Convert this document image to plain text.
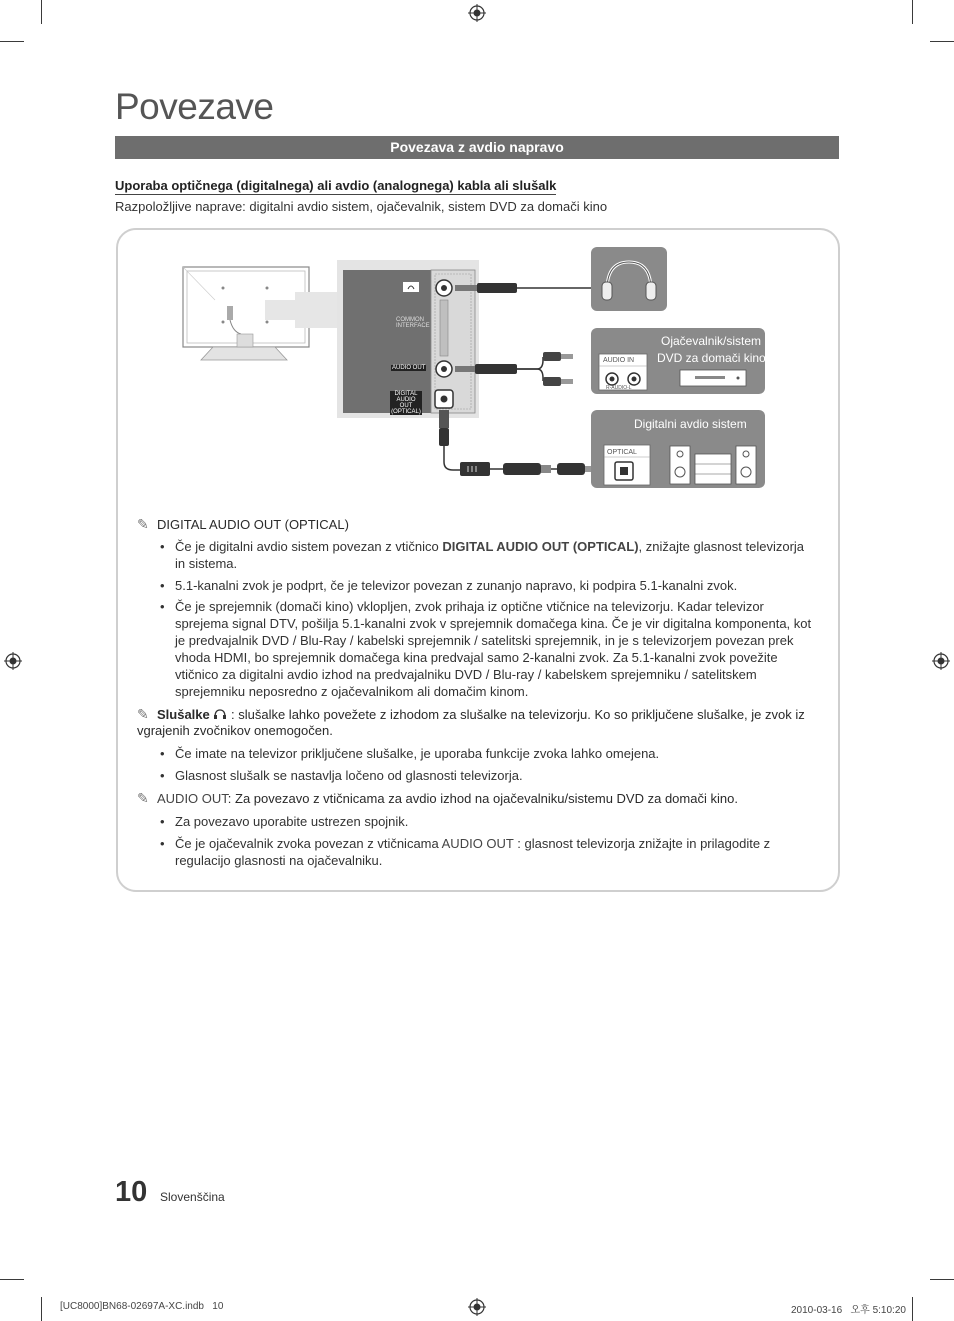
Povezave
Povezava z avdio napravo
Uporaba optičnega (digitalnega) ali avdio (analognega) kabla ali slušalk
Razpoložljive naprave: digitalni avdio sistem, ojačevalnik, sistem DVD za domači kino
Ojačevalnik/sistem
DVD za domači kino
AUDIO IN
R-AUDIO-L
Digitalni avdio sistem
OPTICAL
COMMON
INTERFACE
AUDIO OUT
DIGITAL
AUDIO OUT
(OPTICAL)
✎ DIGITAL AUDIO OUT (OPTICAL)
• Če je digitalni avdio sistem povezan z vtičnico DIGITAL AUDIO OUT (OPTICAL), znižajte glasnost televizorja in sistema.
• 5.1-kanalni zvok je podprt, če je televizor povezan z zunanjo napravo, ki podpira 5.1-kanalni zvok.
• Če je sprejemnik (domači kino) vklopljen, zvok prihaja iz optične vtičnice na televizorju. Kadar televizor sprejema signal DTV, pošilja 5.1-kanalni zvok v sprejemnik domačega kina. Če je vir digitalna komponenta, kot je predvajalnik DVD / Blu-Ray / kabelski sprejemnik / satelitski sprejemnik, in je s televizorjem povezan prek vhoda HDMI, bo sprejemnik domačega kina predvajal samo 2-kanalni zvok. Za 5.1-kanalni zvok povežite vtičnico za digitalni avdio izhod na predvajalniku DVD / Blu-ray / kabelskem sprejemniku / satelitskem sprejemniku neposredno z ojačevalnikom ali domačim kinom.
✎ Slušalke  : slušalke lahko povežete z izhodom za slušalke na televizorju. Ko so priključene slušalke, je zvok iz vgrajenih zvočnikov onemogočen.
• Če imate na televizor priključene slušalke, je uporaba funkcije zvoka lahko omejena.
• Glasnost slušalk se nastavlja ločeno od glasnosti televizorja.
✎ AUDIO OUT: Za povezavo z vtičnicama za avdio izhod na ojačevalniku/sistemu DVD za domači kino.
• Za povezavo uporabite ustrezen spojnik.
• Če je ojačevalnik zvoka povezan z vtičnicama AUDIO OUT : glasnost televizorja znižajte in prilagodite z regulacijo glasnosti na ojačevalniku.
10 Slovenščina
[UC8000]BN68-02697A-XC.indb   10	2010-03-16   오후 5:10:20
